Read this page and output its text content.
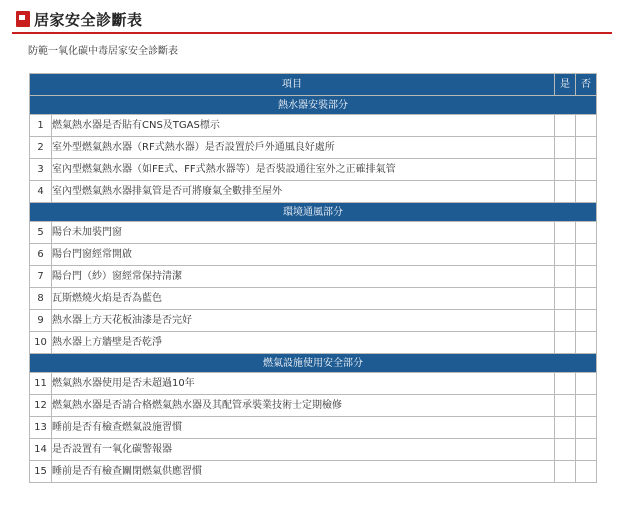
居家安全診斷表
防範一氧化碳中毒居家安全診斷表
項目		是	否
熱水器安裝部分			
1	燃氣熱水器是否貼有CNS及TGAS標示		
2	室外型燃氣熱水器（RF式熱水器）是否設置於戶外通風良好處所		
3	室內型燃氣熱水器（如FE式、FF式熱水器等）是否裝設通往室外之正確排氣管		
4	室內型燃氣熱水器排氣管是否可將廢氣全數排至屋外		
環境通風部分			
5	陽台未加裝門窗		
6	陽台門窗經常開啟		
7	陽台門（紗）窗經常保持清潔		
8	瓦斯燃燒火焰是否為藍色		
9	熱水器上方天花板油漆是否完好		
10	熱水器上方牆壁是否乾淨		
燃氣設施使用安全部分			
11	燃氣熱水器使用是否未超過10年		
12	燃氣熱水器是否請合格燃氣熱水器及其配管承裝業技術士定期檢修		
13	睡前是否有檢查燃氣設施習慣		
14	是否設置有一氧化碳警報器		
15	睡前是否有檢查關閉燃氣供應習慣		
